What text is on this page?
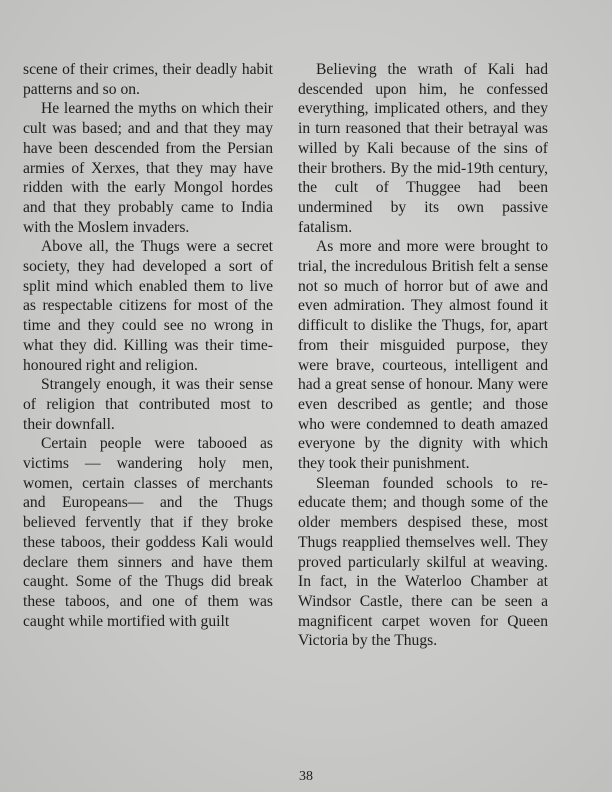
scene of their crimes, their deadly habit patterns and so on.

He learned the myths on which their cult was based; and and that they may have been descended from the Persian armies of Xerxes, that they may have ridden with the early Mongol hordes and that they probably came to India with the Moslem invaders.

Above all, the Thugs were a secret society, they had developed a sort of split mind which enabled them to live as respectable citizens for most of the time and they could see no wrong in what they did. Killing was their time-honoured right and religion.

Strangely enough, it was their sense of religion that contributed most to their downfall.

Certain people were tabooed as victims — wandering holy men, women, certain classes of merchants and Europeans— and the Thugs believed fervently that if they broke these taboos, their goddess Kali would declare them sinners and have them caught. Some of the Thugs did break these taboos, and one of them was caught while mortified with guilt

Believing the wrath of Kali had descended upon him, he confessed everything, implicated others, and they in turn reasoned that their betrayal was willed by Kali because of the sins of their brothers. By the mid-19th century, the cult of Thuggee had been undermined by its own passive fatalism.

As more and more were brought to trial, the incredulous British felt a sense not so much of horror but of awe and even admiration. They almost found it difficult to dislike the Thugs, for, apart from their misguided purpose, they were brave, courteous, intelligent and had a great sense of honour. Many were even described as gentle; and those who were condemned to death amazed everyone by the dignity with which they took their punishment.

Sleeman founded schools to re-educate them; and though some of the older members despised these, most Thugs reapplied themselves well. They proved particularly skilful at weaving. In fact, in the Waterloo Chamber at Windsor Castle, there can be seen a magnificent carpet woven for Queen Victoria by the Thugs.

38
